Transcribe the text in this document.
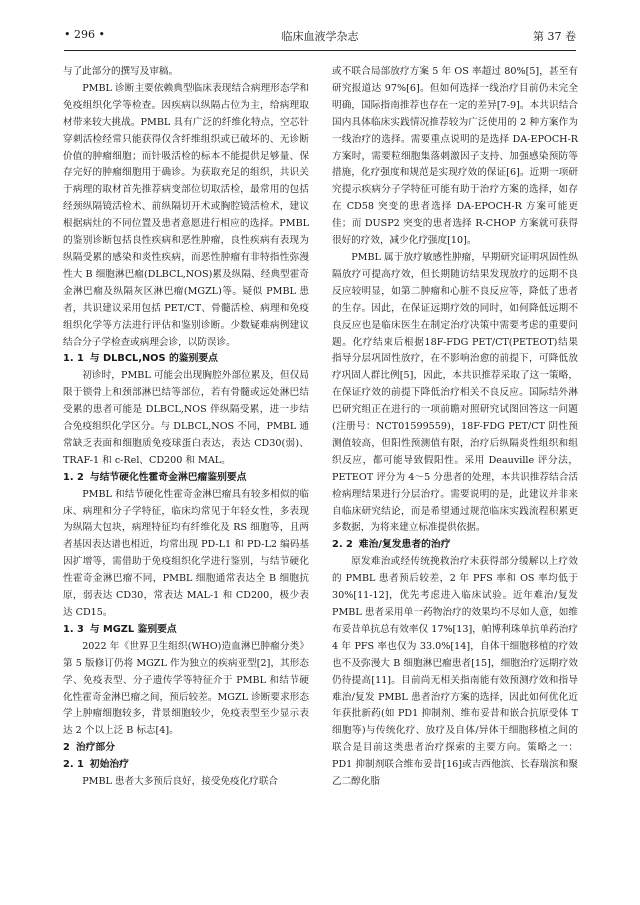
• 296 •	临床血液学杂志	第 37 卷

与了此部分的撰写及审稿。

PMBL 诊断主要依赖典型临床表现结合病理形态学和免疫组织化学等检查。因疾病以纵隔占位为主，给病理取材带来较大挑战。PMBL 具有广泛的纤维化特点，空芯针穿刺活检经常只能获得仅含纤维组织或已破坏的、无诊断价值的肿瘤细胞；而针吸活检的标本不能提供足够量、保存完好的肿瘤细胞用于确诊。为获取充足的组织，共识关于病理的取材首先推荐病变部位切取活检，最常用的包括经颈纵隔镜活检术、前纵隔切开术或胸腔镜活检术，建议根据病灶的不同位置及患者意愿进行相应的选择。PMBL 的鉴别诊断包括良性疾病和恶性肿瘤，良性疾病有表现为纵隔受累的感染和炎性疾病，而恶性肿瘤有非特指性弥漫性大 B 细胞淋巴瘤(DLBCL,NOS)累及纵隔、经典型霍奇金淋巴瘤及纵隔灰区淋巴瘤(MGZL)等。疑似 PMBL 患者，共识建议采用包括 PET/CT、骨髓活检、病理和免疫组织化学等方法进行评估和鉴别诊断。少数疑难病例建议结合分子学检查或病理会诊，以防误诊。

1. 1 与 DLBCL,NOS 的鉴别要点

初诊时，PMBL 可能会出现胸腔外部位累及，但仅局限于锁骨上和颈部淋巴结等部位，若有骨髓或远处淋巴结受累的患者可能是 DLBCL,NOS 伴纵隔受累，进一步结合免疫组织化学区分。与 DLBCL,NOS 不同，PMBL 通常缺乏表面和细胞质免疫球蛋白表达，表达 CD30(弱)、TRAF-1 和 c-Rel、CD200 和 MAL。

1. 2 与结节硬化性霍奇金淋巴瘤鉴别要点

PMBL 和结节硬化性霍奇金淋巴瘤具有较多相似的临床、病理和分子学特征，临床均常见于年轻女性，多表现为纵隔大包块，病理特征均有纤维化及 RS 细胞等，且两者基因表达谱也相近，均常出现 PD-L1 和 PD-L2 编码基因扩增等，需借助于免疫组织化学进行鉴别，与结节硬化性霍奇金淋巴瘤不同，PMBL 细胞通常表达全 B 细胞抗原，弱表达 CD30，常表达 MAL-1 和 CD200，极少表达 CD15。

1. 3 与 MGZL 鉴别要点

2022 年《世界卫生组织(WHO)造血淋巴肿瘤分类》第 5 版修订仍将 MGZL 作为独立的疾病亚型[2]，其形态学、免疫表型、分子遗传学等特征介于 PMBL 和结节硬化性霍奇金淋巴瘤之间，预后较差。MGZL 诊断要求形态学上肿瘤细胞较多，背景细胞较少，免疫表型至少显示表达 2 个以上泛 B 标志[4]。

2 治疗部分
2. 1 初始治疗

PMBL 患者大多预后良好，接受免疫化疗联合

或不联合局部放疗方案 5 年 OS 率超过 80%[5]，甚至有研究报道达 97%[6]。但如何选择一线治疗目前仍未完全明确，国际指南推荐也存在一定的差异[7-9]。本共识结合国内具体临床实践情况推荐较为广泛使用的 2 种方案作为一线治疗的选择。需要重点说明的是选择 DA-EPOCH-R 方案时，需要粒细胞集落刺激因子支持、加强感染预防等措施，化疗强度和规范是实现疗效的保证[6]。近期一项研究提示疾病分子学特征可能有助于治疗方案的选择，如存在 CD58 突变的患者选择 DA-EPOCH-R 方案可能更佳；而 DUSP2 突变的患者选择 R-CHOP 方案就可获得很好的疗效，减少化疗强度[10]。

PMBL 属于放疗敏感性肿瘤，早期研究证明巩固性纵隔放疗可提高疗效，但长期随访结果发现放疗的远期不良反应较明显，如第二肿瘤和心脏不良反应等，降低了患者的生存。因此，在保证远期疗效的同时，如何降低远期不良反应也是临床医生在制定治疗决策中需要考虑的重要问题。化疗结束后根据18F-FDG PET/CT(PETEOT)结果指导分层巩固性放疗，在不影响治愈的前提下，可降低放疗巩固人群比例[5]，因此，本共识推荐采取了这一策略，在保证疗效的前提下降低治疗相关不良反应。国际结外淋巴研究组正在进行的一项前瞻对照研究试图回答这一问题(注册号：NCT01599559)，18F-FDG PET/CT 阴性预测值较高，但阳性预测值有限，治疗后纵隔炎性组织和组织反应，都可能导致假阳性。采用 Deauville 评分法，PETEOT 评分为 4～5 分患者的处理，本共识推荐结合活检病理结果进行分层治疗。需要说明的是，此建议并非来自临床研究结论，而是希望通过规范临床实践流程积累更多数据，为将来建立标准提供依据。

2. 2 难治/复发患者的治疗

原发难治或经传统挽救治疗未获得部分缓解以上疗效的 PMBL 患者预后较差，2 年 PFS 率和 OS 率均低于 30%[11-12]，优先考虑进入临床试验。近年难治/复发 PMBL 患者采用单一药物治疗的效果均不尽如人意，如维布妥昔单抗总有效率仅 17%[13]，帕博利珠单抗单药治疗 4 年 PFS 率也仅为 33.0%[14]，自体干细胞移植的疗效也不及弥漫大 B 细胞淋巴瘤患者[15]，细胞治疗远期疗效仍待提高[11]。目前尚无相关指南能有效预测疗效和指导难治/复发 PMBL 患者治疗方案的选择，因此如何优化近年获批新药(如 PD1 抑制剂、维布妥昔和嵌合抗原受体 T 细胞等)与传统化疗、放疗及自体/异体干细胞移植之间的联合是目前这类患者治疗探索的主要方向。策略之一：PD1 抑制剂联合维布妥昔[16]或吉西他滨、长春瑞滨和聚乙二醇化脂
